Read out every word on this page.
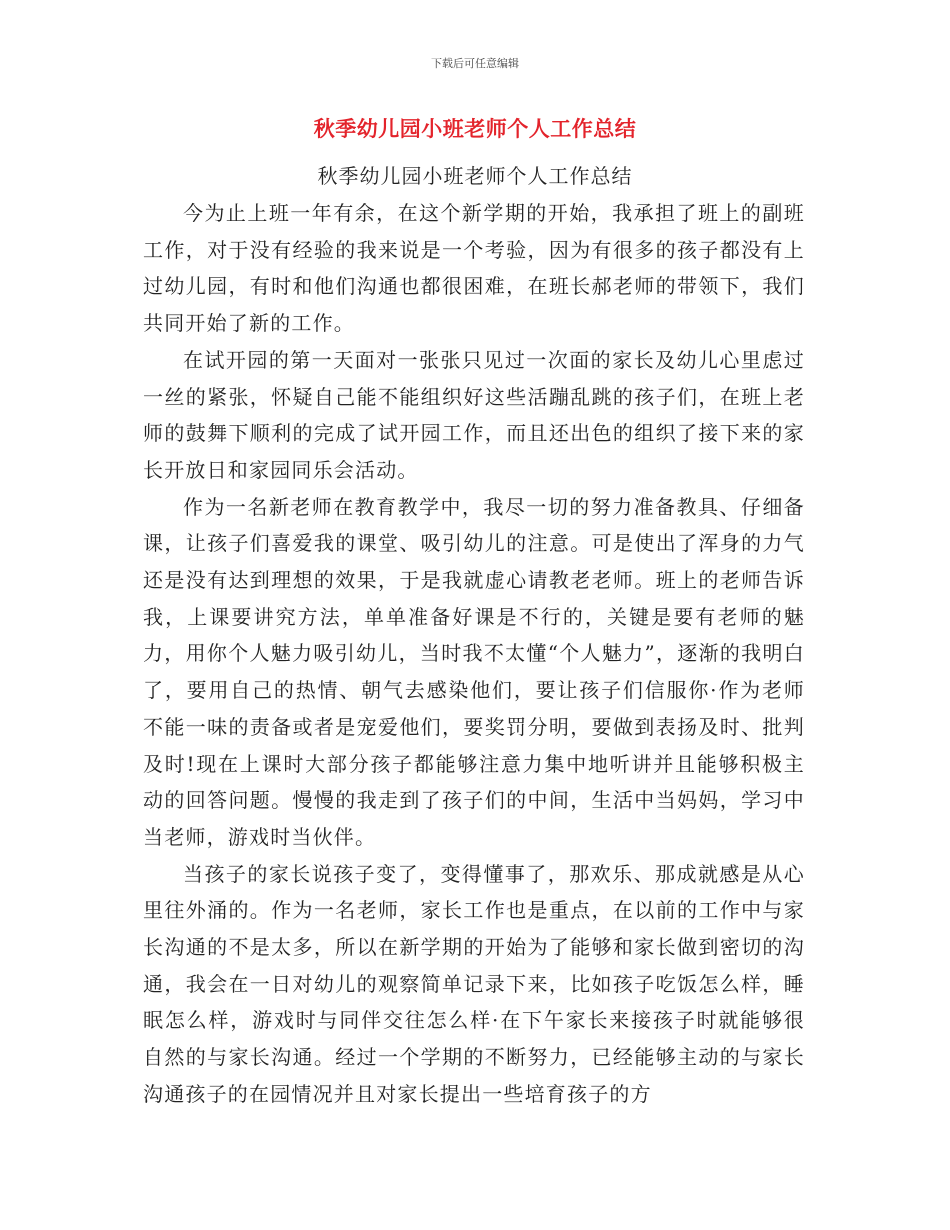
下载后可任意编辑
秋季幼儿园小班老师个人工作总结
秋季幼儿园小班老师个人工作总结

今为止上班一年有余，在这个新学期的开始，我承担了班上的副班工作，对于没有经验的我来说是一个考验，因为有很多的孩子都没有上过幼儿园，有时和他们沟通也都很困难，在班长郝老师的带领下，我们共同开始了新的工作。

在试开园的第一天面对一张张只见过一次面的家长及幼儿心里虑过一丝的紧张，怀疑自己能不能组织好这些活蹦乱跳的孩子们，在班上老师的鼓舞下顺利的完成了试开园工作，而且还出色的组织了接下来的家长开放日和家园同乐会活动。

作为一名新老师在教育教学中，我尽一切的努力准备教具、仔细备课，让孩子们喜爱我的课堂、吸引幼儿的注意。可是使出了浑身的力气还是没有达到理想的效果，于是我就虚心请教老老师。班上的老师告诉我，上课要讲究方法，单单准备好课是不行的，关键是要有老师的魅力，用你个人魅力吸引幼儿，当时我不太懂“个人魅力”，逐渐的我明白了，要用自己的热情、朝气去感染他们，要让孩子们信服你·作为老师不能一味的责备或者是宠爱他们，要奖罚分明，要做到表扬及时、批判及时!现在上课时大部分孩子都能够注意力集中地听讲并且能够积极主动的回答问题。慢慢的我走到了孩子们的中间，生活中当妈妈，学习中当老师，游戏时当伙伴。

当孩子的家长说孩子变了，变得懂事了，那欢乐、那成就感是从心里往外涌的。作为一名老师，家长工作也是重点，在以前的工作中与家长沟通的不是太多，所以在新学期的开始为了能够和家长做到密切的沟通，我会在一日对幼儿的观察简单记录下来，比如孩子吃饭怎么样，睡眠怎么样，游戏时与同伴交往怎么样·在下午家长来接孩子时就能够很自然的与家长沟通。经过一个学期的不断努力，已经能够主动的与家长沟通孩子的在园情况并且对家长提出一些培育孩子的方
